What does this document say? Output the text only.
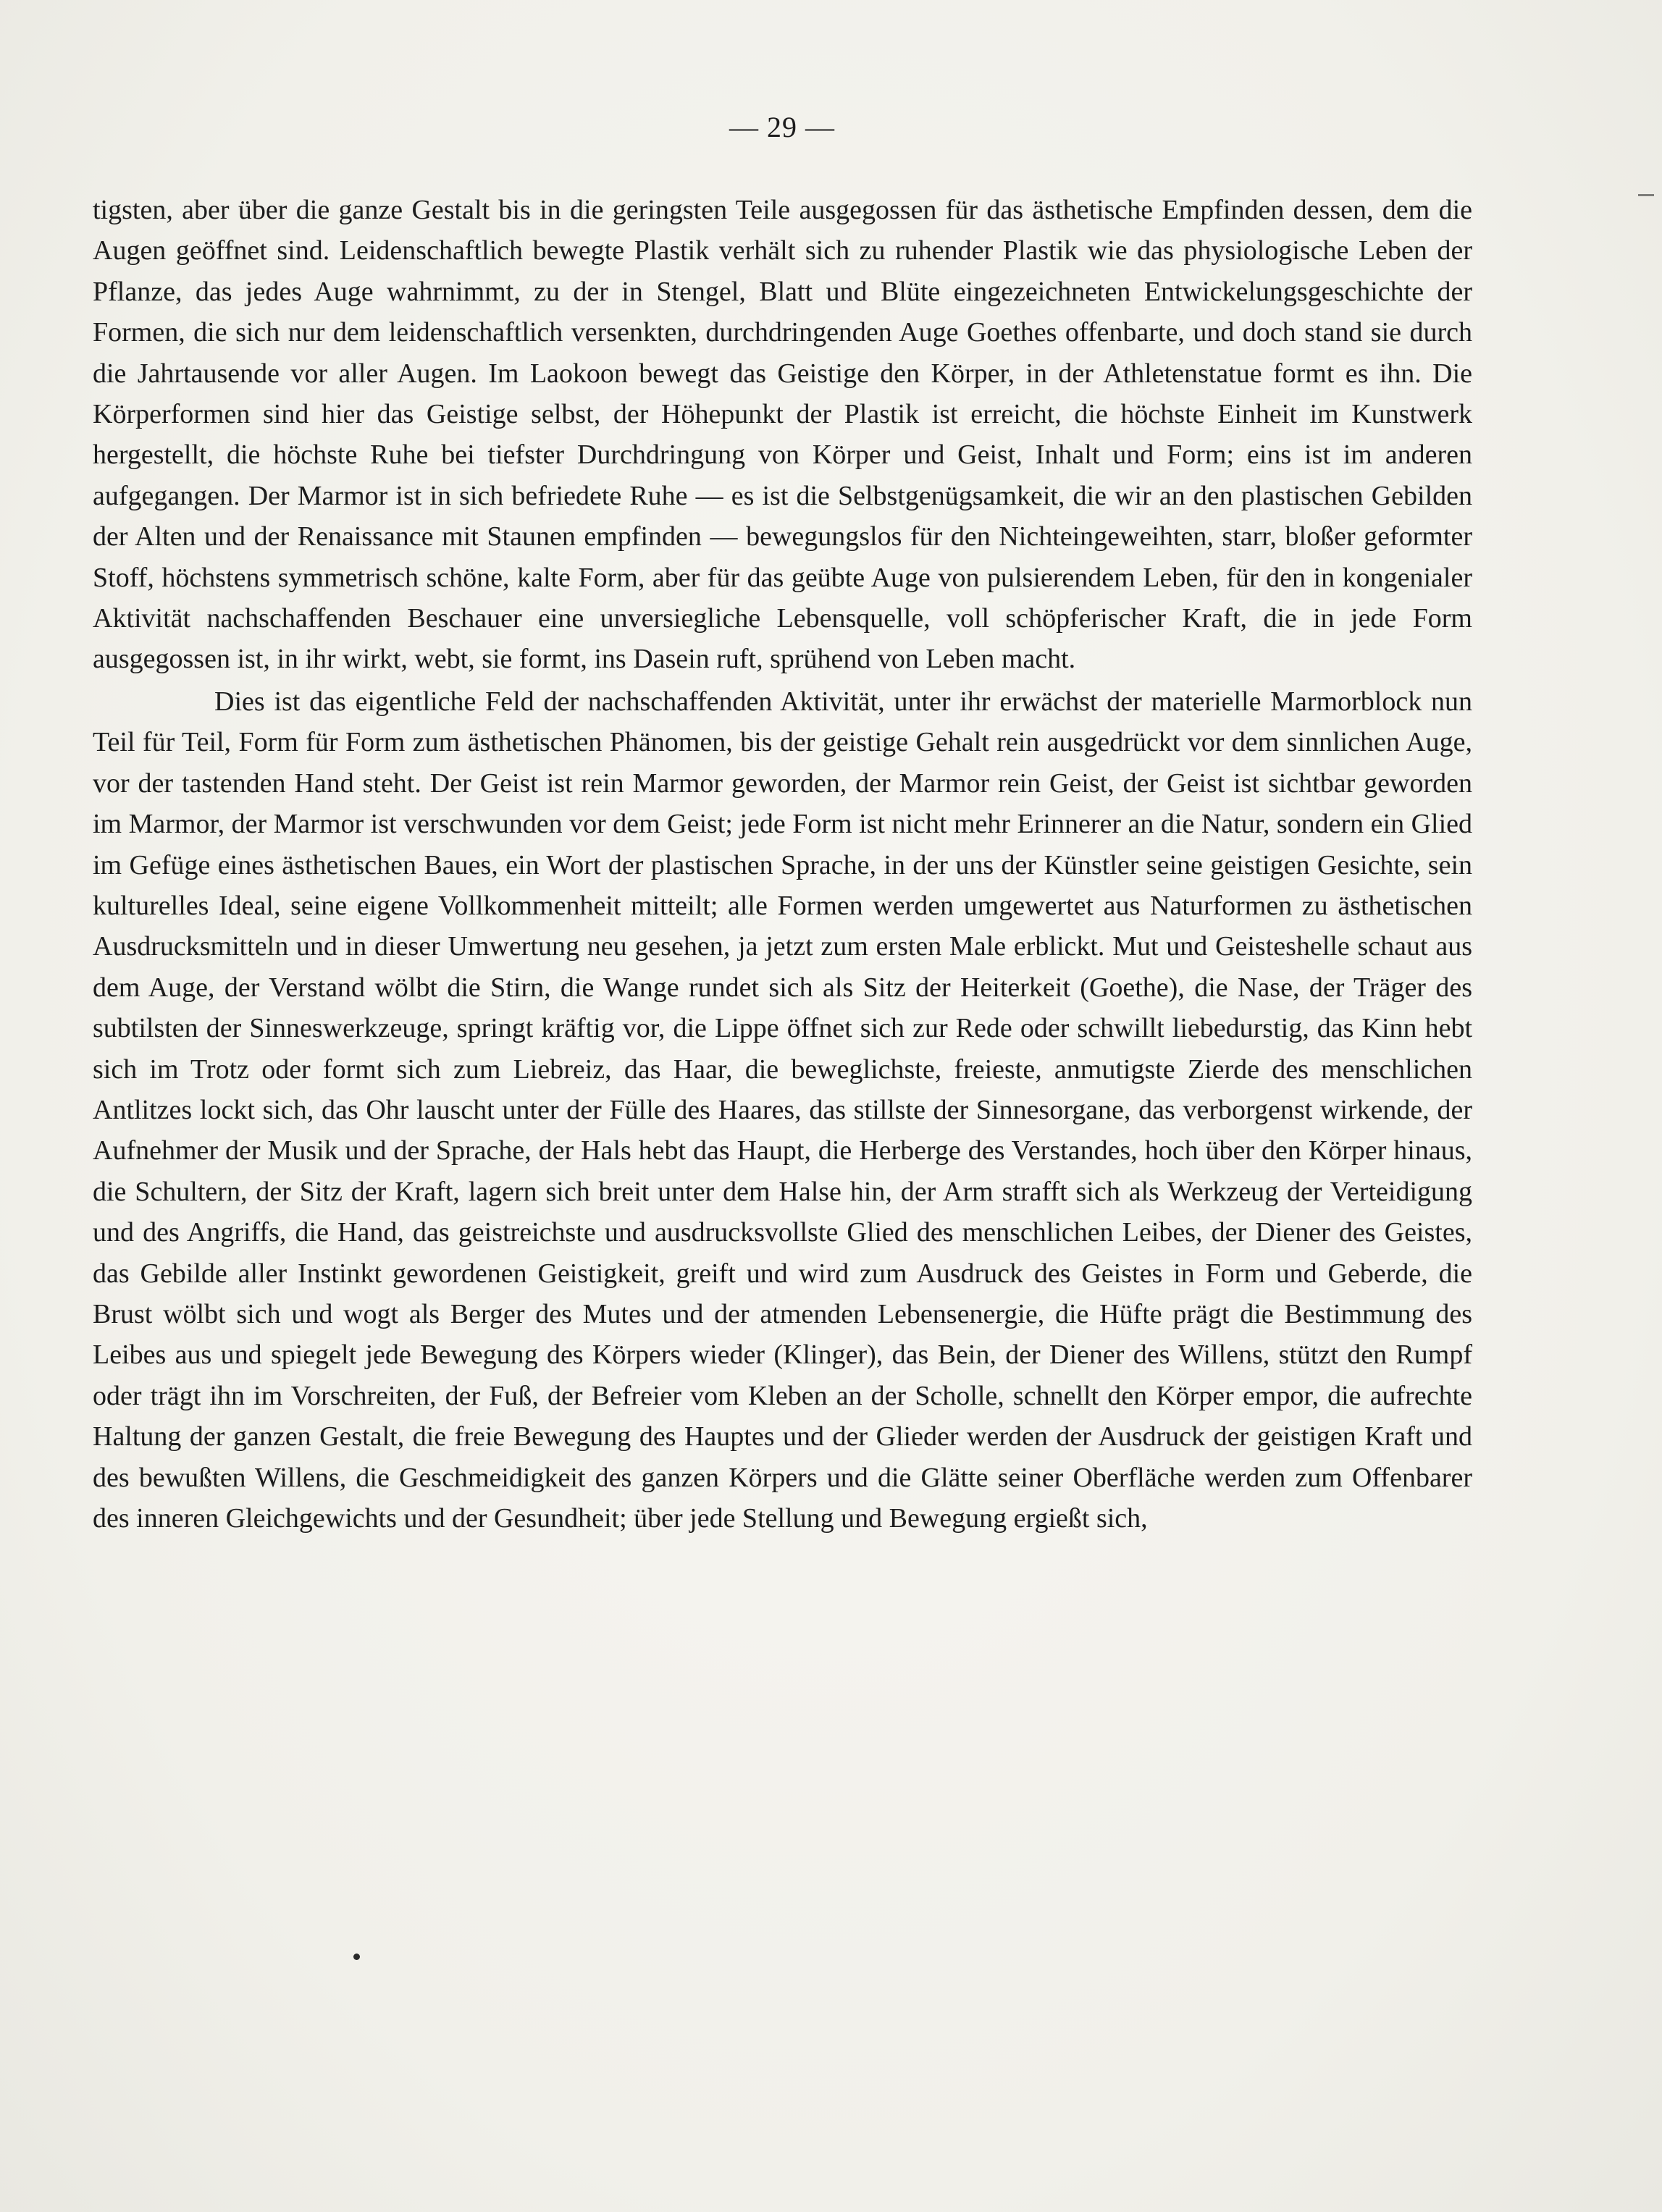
— 29 —

tigsten, aber über die ganze Gestalt bis in die geringsten Teile ausgegossen für das ästhetische Empfinden dessen, dem die Augen geöffnet sind. Leidenschaftlich bewegte Plastik verhält sich zu ruhender Plastik wie das physiologische Leben der Pflanze, das jedes Auge wahrnimmt, zu der in Stengel, Blatt und Blüte eingezeichneten Entwickelungsgeschichte der Formen, die sich nur dem leidenschaftlich versenkten, durchdringenden Auge Goethes offenbarte, und doch stand sie durch die Jahrtausende vor aller Augen. Im Laokoon bewegt das Geistige den Körper, in der Athletenstatue formt es ihn. Die Körperformen sind hier das Geistige selbst, der Höhepunkt der Plastik ist erreicht, die höchste Einheit im Kunstwerk hergestellt, die höchste Ruhe bei tiefster Durchdringung von Körper und Geist, Inhalt und Form; eins ist im anderen aufgegangen. Der Marmor ist in sich befriedete Ruhe — es ist die Selbstgenügsamkeit, die wir an den plastischen Gebilden der Alten und der Renaissance mit Staunen empfinden — bewegungslos für den Nichteingeweihten, starr, bloßer geformter Stoff, höchstens symmetrisch schöne, kalte Form, aber für das geübte Auge von pulsierendem Leben, für den in kongenialer Aktivität nachschaffenden Beschauer eine unversiegliche Lebensquelle, voll schöpferischer Kraft, die in jede Form ausgegossen ist, in ihr wirkt, webt, sie formt, ins Dasein ruft, sprühend von Leben macht.

Dies ist das eigentliche Feld der nachschaffenden Aktivität, unter ihr erwächst der materielle Marmorblock nun Teil für Teil, Form für Form zum ästhetischen Phänomen, bis der geistige Gehalt rein ausgedrückt vor dem sinnlichen Auge, vor der tastenden Hand steht. Der Geist ist rein Marmor geworden, der Marmor rein Geist, der Geist ist sichtbar geworden im Marmor, der Marmor ist verschwunden vor dem Geist; jede Form ist nicht mehr Erinnerer an die Natur, sondern ein Glied im Gefüge eines ästhetischen Baues, ein Wort der plastischen Sprache, in der uns der Künstler seine geistigen Gesichte, sein kulturelles Ideal, seine eigene Vollkommenheit mitteilt; alle Formen werden umgewertet aus Naturformen zu ästhetischen Ausdrucksmitteln und in dieser Umwertung neu gesehen, ja jetzt zum ersten Male erblickt. Mut und Geisteshelle schaut aus dem Auge, der Verstand wölbt die Stirn, die Wange rundet sich als Sitz der Heiterkeit (Goethe), die Nase, der Träger des subtilsten der Sinneswerkzeuge, springt kräftig vor, die Lippe öffnet sich zur Rede oder schwillt liebedurstig, das Kinn hebt sich im Trotz oder formt sich zum Liebreiz, das Haar, die beweglichste, freieste, anmutigste Zierde des menschlichen Antlitzes lockt sich, das Ohr lauscht unter der Fülle des Haares, das stillste der Sinnesorgane, das verborgenst wirkende, der Aufnehmer der Musik und der Sprache, der Hals hebt das Haupt, die Herberge des Verstandes, hoch über den Körper hinaus, die Schultern, der Sitz der Kraft, lagern sich breit unter dem Halse hin, der Arm strafft sich als Werkzeug der Verteidigung und des Angriffs, die Hand, das geistreichste und ausdrucksvollste Glied des menschlichen Leibes, der Diener des Geistes, das Gebilde aller Instinkt gewordenen Geistigkeit, greift und wird zum Ausdruck des Geistes in Form und Geberde, die Brust wölbt sich und wogt als Berger des Mutes und der atmenden Lebensenergie, die Hüfte prägt die Bestimmung des Leibes aus und spiegelt jede Bewegung des Körpers wieder (Klinger), das Bein, der Diener des Willens, stützt den Rumpf oder trägt ihn im Vorschreiten, der Fuß, der Befreier vom Kleben an der Scholle, schnellt den Körper empor, die aufrechte Haltung der ganzen Gestalt, die freie Bewegung des Hauptes und der Glieder werden der Ausdruck der geistigen Kraft und des bewußten Willens, die Geschmeidigkeit des ganzen Körpers und die Glätte seiner Oberfläche werden zum Offenbarer des inneren Gleichgewichts und der Gesundheit; über jede Stellung und Bewegung ergießt sich,
